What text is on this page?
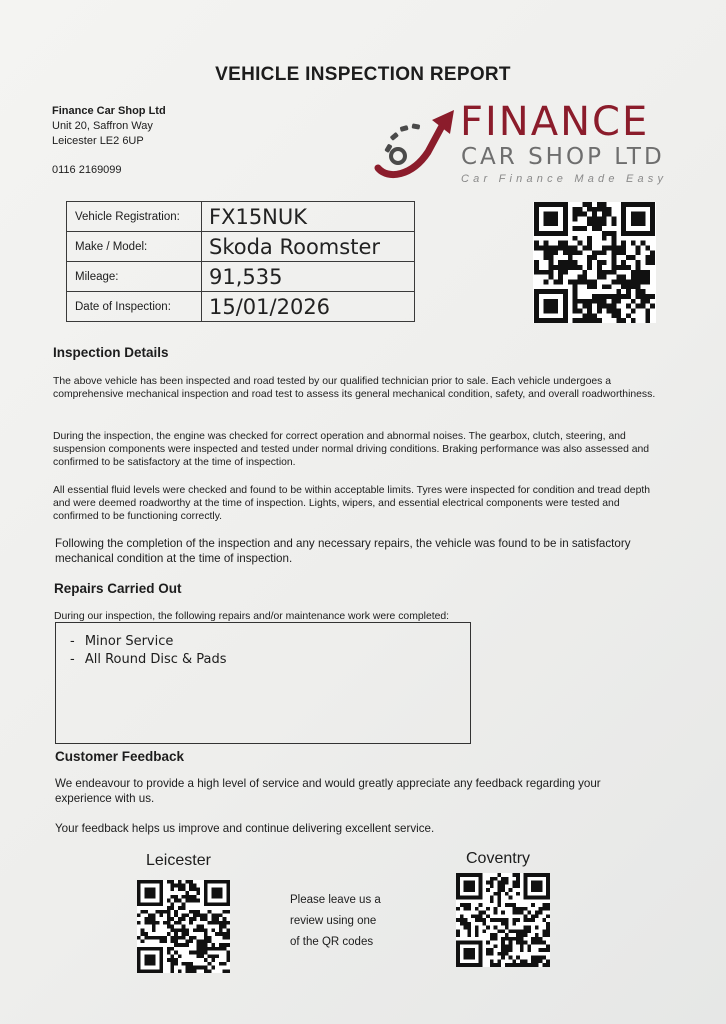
VEHICLE INSPECTION REPORT
Finance Car Shop Ltd
Unit 20, Saffron Way
Leicester LE2 6UP
0116 2169099
FINANCE
CAR SHOP LTD
Car Finance Made Easy
Vehicle Registration:	FX15NUK
Make / Model:	Skoda Roomster
Mileage:	91,535
Date of Inspection:	15/01/2026
Inspection Details
The above vehicle has been inspected and road tested by our qualified technician prior to sale. Each vehicle undergoes a comprehensive mechanical inspection and road test to assess its general mechanical condition, safety, and overall roadworthiness.
During the inspection, the engine was checked for correct operation and abnormal noises. The gearbox, clutch, steering, and suspension components were inspected and tested under normal driving conditions. Braking performance was also assessed and confirmed to be satisfactory at the time of inspection.
All essential fluid levels were checked and found to be within acceptable limits. Tyres were inspected for condition and tread depth and were deemed roadworthy at the time of inspection. Lights, wipers, and essential electrical components were tested and confirmed to be functioning correctly.
Following the completion of the inspection and any necessary repairs, the vehicle was found to be in satisfactory mechanical condition at the time of inspection.
Repairs Carried Out
During our inspection, the following repairs and/or maintenance work were completed:
- Minor Service
- All Round Disc & Pads
Customer Feedback
We endeavour to provide a high level of service and would greatly appreciate any feedback regarding your experience with us.
Your feedback helps us improve and continue delivering excellent service.
Leicester	Coventry
Please leave us a
review using one
of the QR codes
